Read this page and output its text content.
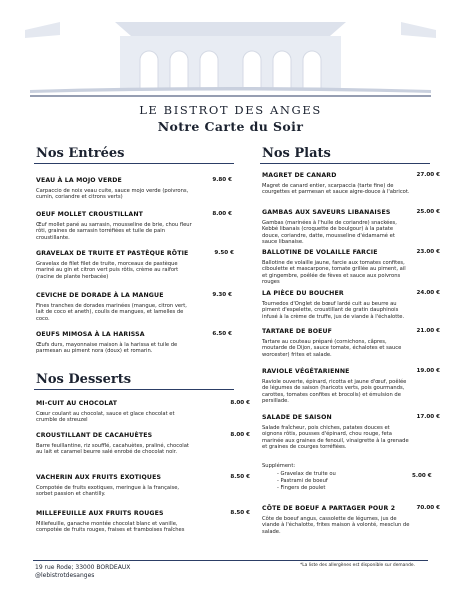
LE BISTROT DES ANGES
Notre Carte du Soir
Nos Entrées
VEAU À LA MOJO VERDE	9.80 €
Carpaccio de noix veau cuite, sauce mojo verde (poivrons, cumin, coriandre et citrons verts)
OEUF MOLLET CROUSTILLANT	8.00 €
Œuf mollet pané au sarrasin, mousseline de brie, chou fleur rôti, graines de sarrasin torréfiées et tuile de pain croustillante.
GRAVELAX DE TRUITE ET PASTÈQUE RÔTIE	9.50 €
Gravelax de filet filet de truite, morceaux de pastèque mariné au gin et citron vert puis rôtis, crème au raifort (racine de plante herbacée)
CEVICHE DE DORADE À LA MANGUE	9.30 €
Fines tranches de dorades marinées (mangue, citron vert, lait de coco et aneth), coulis de mangues, et lamelles de coco.
OEUFS MIMOSA À LA HARISSA	6.50 €
Œufs durs, mayonnaise maison à la harissa et tuile de parmesan au piment nora (doux) et romarin.
Nos Desserts
MI-CUIT AU CHOCOLAT	8.00 €
Cœur coulant au chocolat, sauce et glace chocolat et crumble de streuzel
CROUSTILLANT DE CACAHUÈTES	8.00 €
Barre feuillantine, riz soufflé, cacahuètes, praliné, chocolat au lait et caramel beurre salé enrobé de chocolat noir.
VACHERIN AUX FRUITS EXOTIQUES	8.50 €
Compotée de fruits exotiques, meringue à la française, sorbet passion et chantilly.
MILLEFEUILLE AUX FRUITS ROUGES	8.50 €
Millefeuille, ganache montée chocolat blanc et vanille, compotée de fruits rouges, fraises et framboises fraîches
Nos Plats
MAGRET DE CANARD	27.00 €
Magret de canard entier, scarpaccia (tarte fine) de courgettes et parmesan et sauce aigre-douce à l'abricot.
GAMBAS AUX SAVEURS LIBANAISES	25.00 €
Gambas (marinées à l'huile de coriandre) snackées, Kebbé libanais (croquette de boulgour) à la patate douce, coriandre, datte, mousseline d'édamamé et sauce libanaise.
BALLOTINE DE VOLAILLE FARCIE	23.00 €
Ballotine de volaille jaune, farcie aux tomates confites, ciboulette et mascarpone, tomate grillée au piment, ail et gingembre, poêlée de fèves et sauce aux poivrons rouges
LA PIÈCE DU BOUCHER	24.00 €
Tournedos d'Onglet de bœuf lardé cuit au beurre au piment d'espelette, croustillant de gratin dauphinois infusé à la crème de truffe, jus de viande à l'échalotte.
TARTARE DE BOEUF	21.00 €
Tartare au couteau préparé (cornichons, câpres, moutarde de Dijon, sauce tomate, échalotes et sauce worcester) frites et salade.
RAVIOLE VÉGÉTARIENNE	19.00 €
Raviole ouverte, épinard, ricotta et jaune d'œuf, poêlée de légumes de saison (haricots verts, pois gourmands, carottes, tomates confites et brocolis) et émulsion de persillade.
SALADE DE SAISON	17.00 €
Salade fraîcheur, pois chiches, patates douces et oignons rôtis, pousses d'épinard, chou rouge, feta marinée aux graines de fenouil, vinaigrette à la grenade et graines de courges torréfiées.
Supplément:
- Gravelax de truite ou
- Pastrami de boeuf
- Fingers de poulet
5.00 €
CÔTE DE BOEUF A PARTAGER POUR 2	70.00 €
Côte de boeuf angus, cassolette de légumes, jus de viande à l'échalotte, frites maison à volonté, mesclun de salade.
19 rue Rode; 33000 BORDEAUX
@lebistrotdesanges
*La liste des allergènes est disponible sur demande.
